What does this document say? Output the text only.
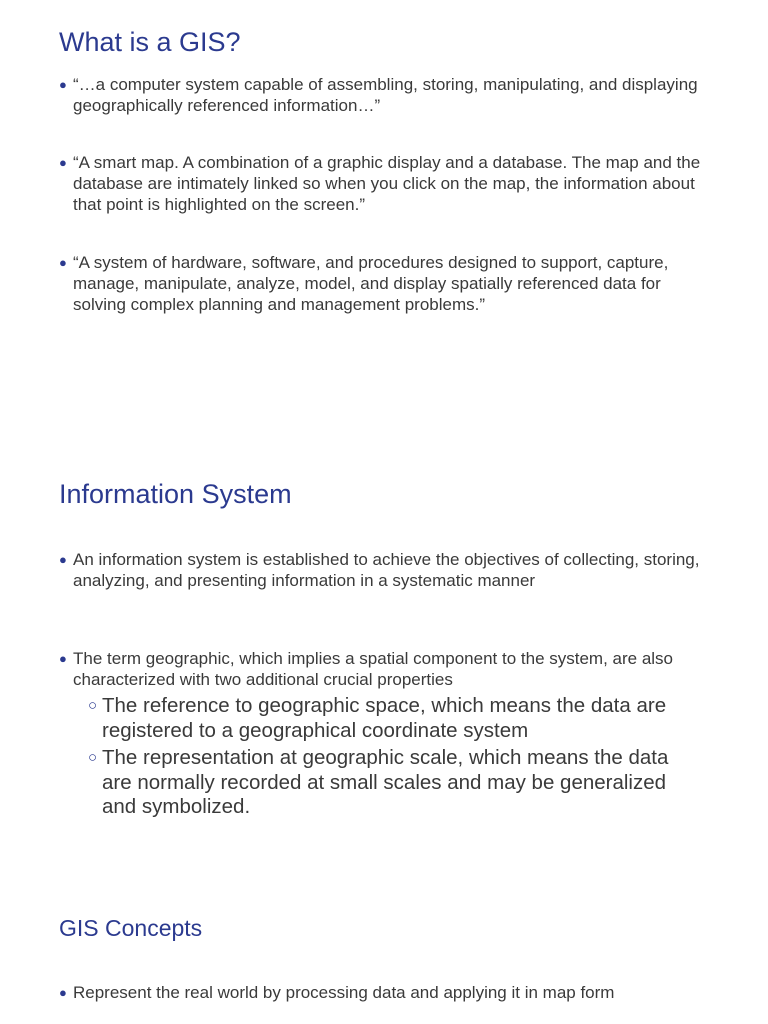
What is a GIS?
● “…a computer system capable of assembling, storing, manipulating, and displaying geographically referenced information…”
● “A smart map. A combination of a graphic display and a database. The map and the database are intimately linked so when you click on the map, the information about that point is highlighted on the screen.”
● “A system of hardware, software, and procedures designed to support, capture, manage, manipulate, analyze, model, and display spatially referenced data for solving complex planning and management problems.”
Information System
● An information system is established to achieve the objectives of collecting, storing, analyzing, and presenting information in a systematic manner
● The term geographic, which implies a spatial component to the system, are also characterized with two additional crucial properties
○ The reference to geographic space, which means the data are registered to a geographical coordinate system
○ The representation at geographic scale, which means the data are normally recorded at small scales and may be generalized and symbolized.
GIS Concepts
● Represent the real world by processing data and applying it in map form
